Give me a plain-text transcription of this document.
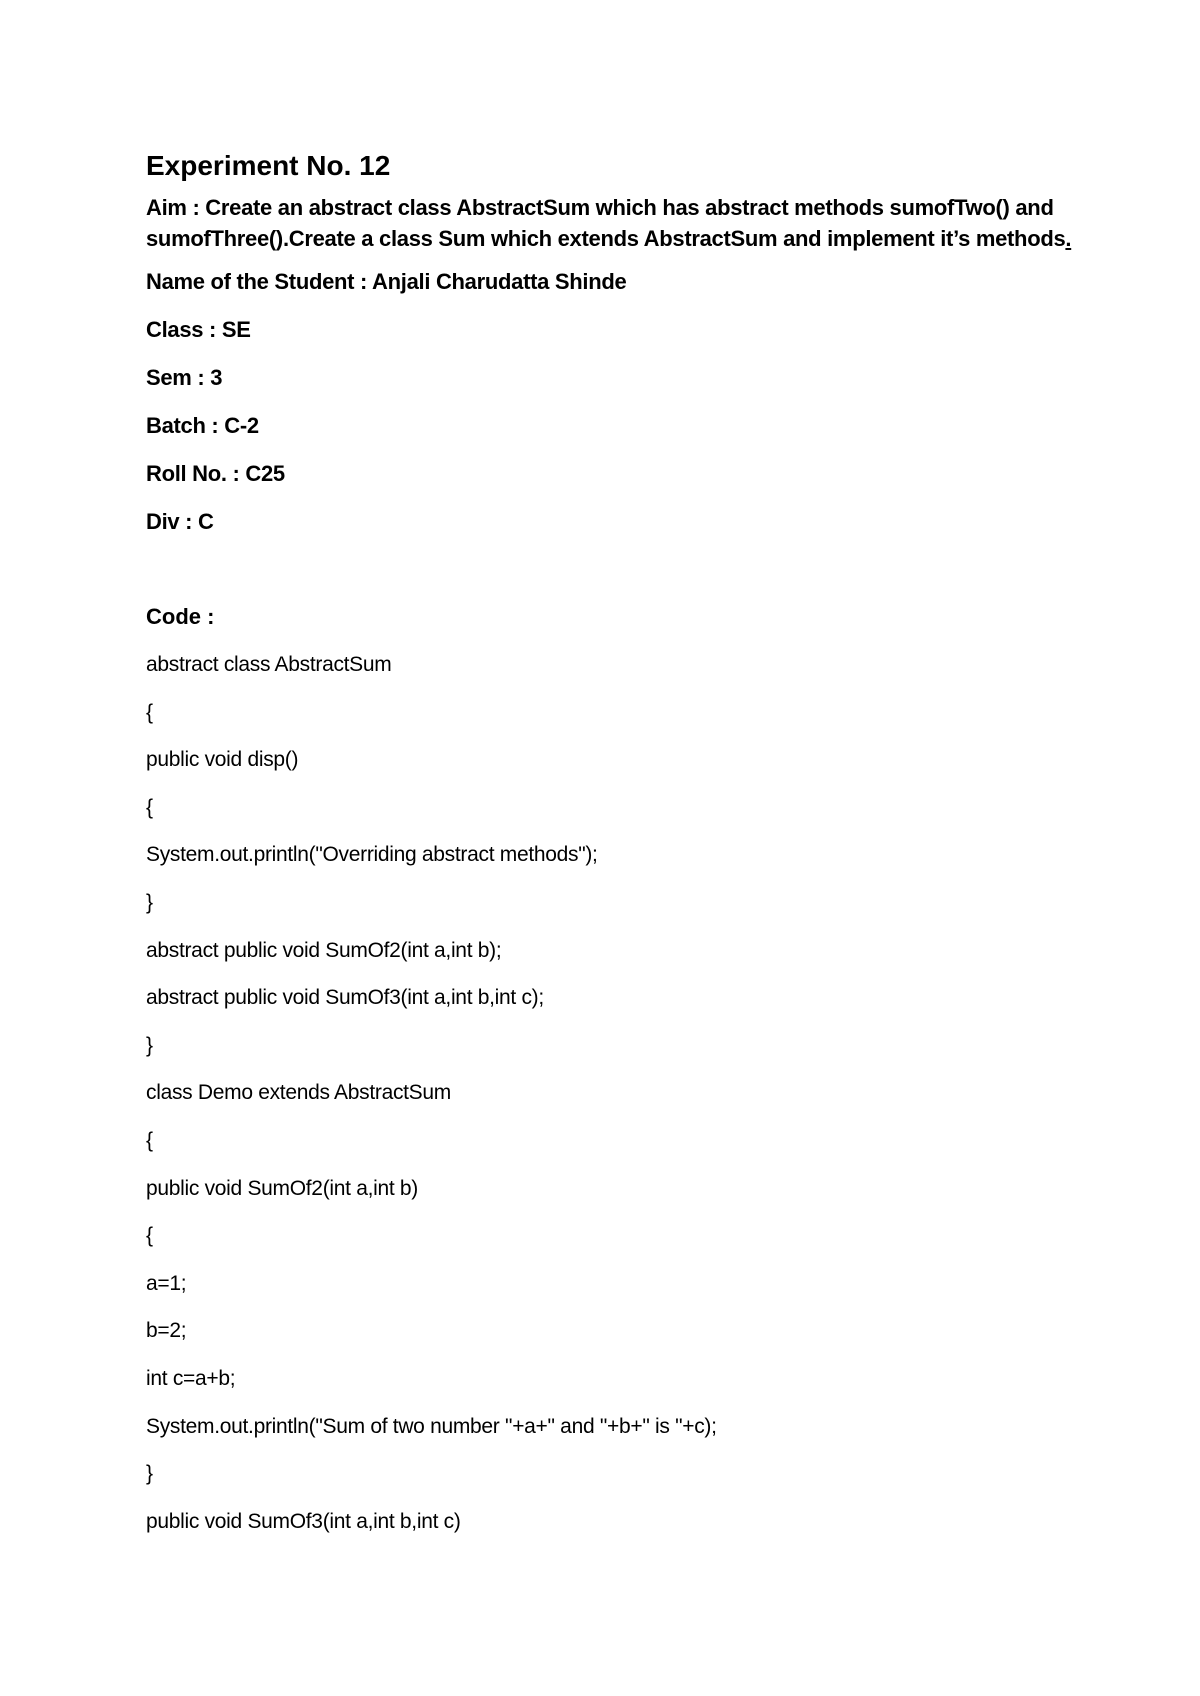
Experiment No. 12

Aim : Create an abstract class AbstractSum which has abstract methods sumofTwo() and sumofThree().Create a class Sum which extends AbstractSum and implement it’s methods.

Name of the Student : Anjali Charudatta Shinde

Class : SE

Sem : 3

Batch : C-2

Roll No. : C25

Div : C

Code :

abstract class AbstractSum

{

public void disp()

{

System.out.println("Overriding abstract methods");

}

abstract public void SumOf2(int a,int b);

abstract public void SumOf3(int a,int b,int c);

}

class Demo extends AbstractSum

{

public void SumOf2(int a,int b)

{

a=1;

b=2;

int c=a+b;

System.out.println("Sum of two number "+a+" and "+b+" is "+c);

}

public void SumOf3(int a,int b,int c)
